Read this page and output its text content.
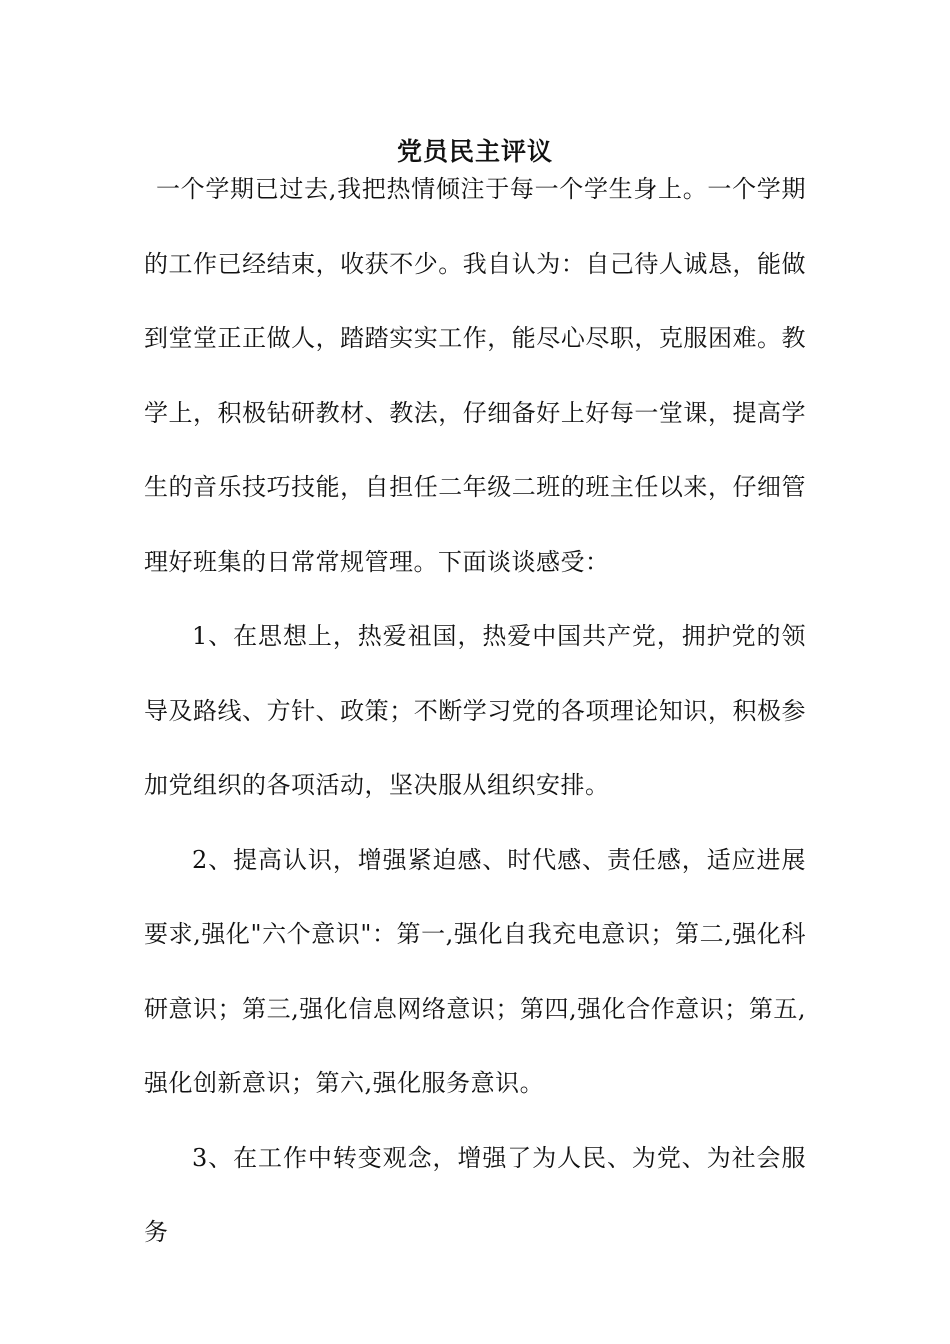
党员民主评议

一个学期已过去,我把热情倾注于每一个学生身上。一个学期的工作已经结束，收获不少。我自认为：自己待人诚恳，能做到堂堂正正做人，踏踏实实工作，能尽心尽职，克服困难。教学上，积极钻研教材、教法，仔细备好上好每一堂课，提高学生的音乐技巧技能，自担任二年级二班的班主任以来，仔细管理好班集的日常常规管理。下面谈谈感受：

1、在思想上，热爱祖国，热爱中国共产党，拥护党的领导及路线、方针、政策；不断学习党的各项理论知识，积极参加党组织的各项活动，坚决服从组织安排。

2、提高认识，增强紧迫感、时代感、责任感，适应进展要求,强化"六个意识"：第一,强化自我充电意识；第二,强化科研意识；第三,强化信息网络意识；第四,强化合作意识；第五,强化创新意识；第六,强化服务意识。

3、在工作中转变观念，增强了为人民、为党、为社会服务
